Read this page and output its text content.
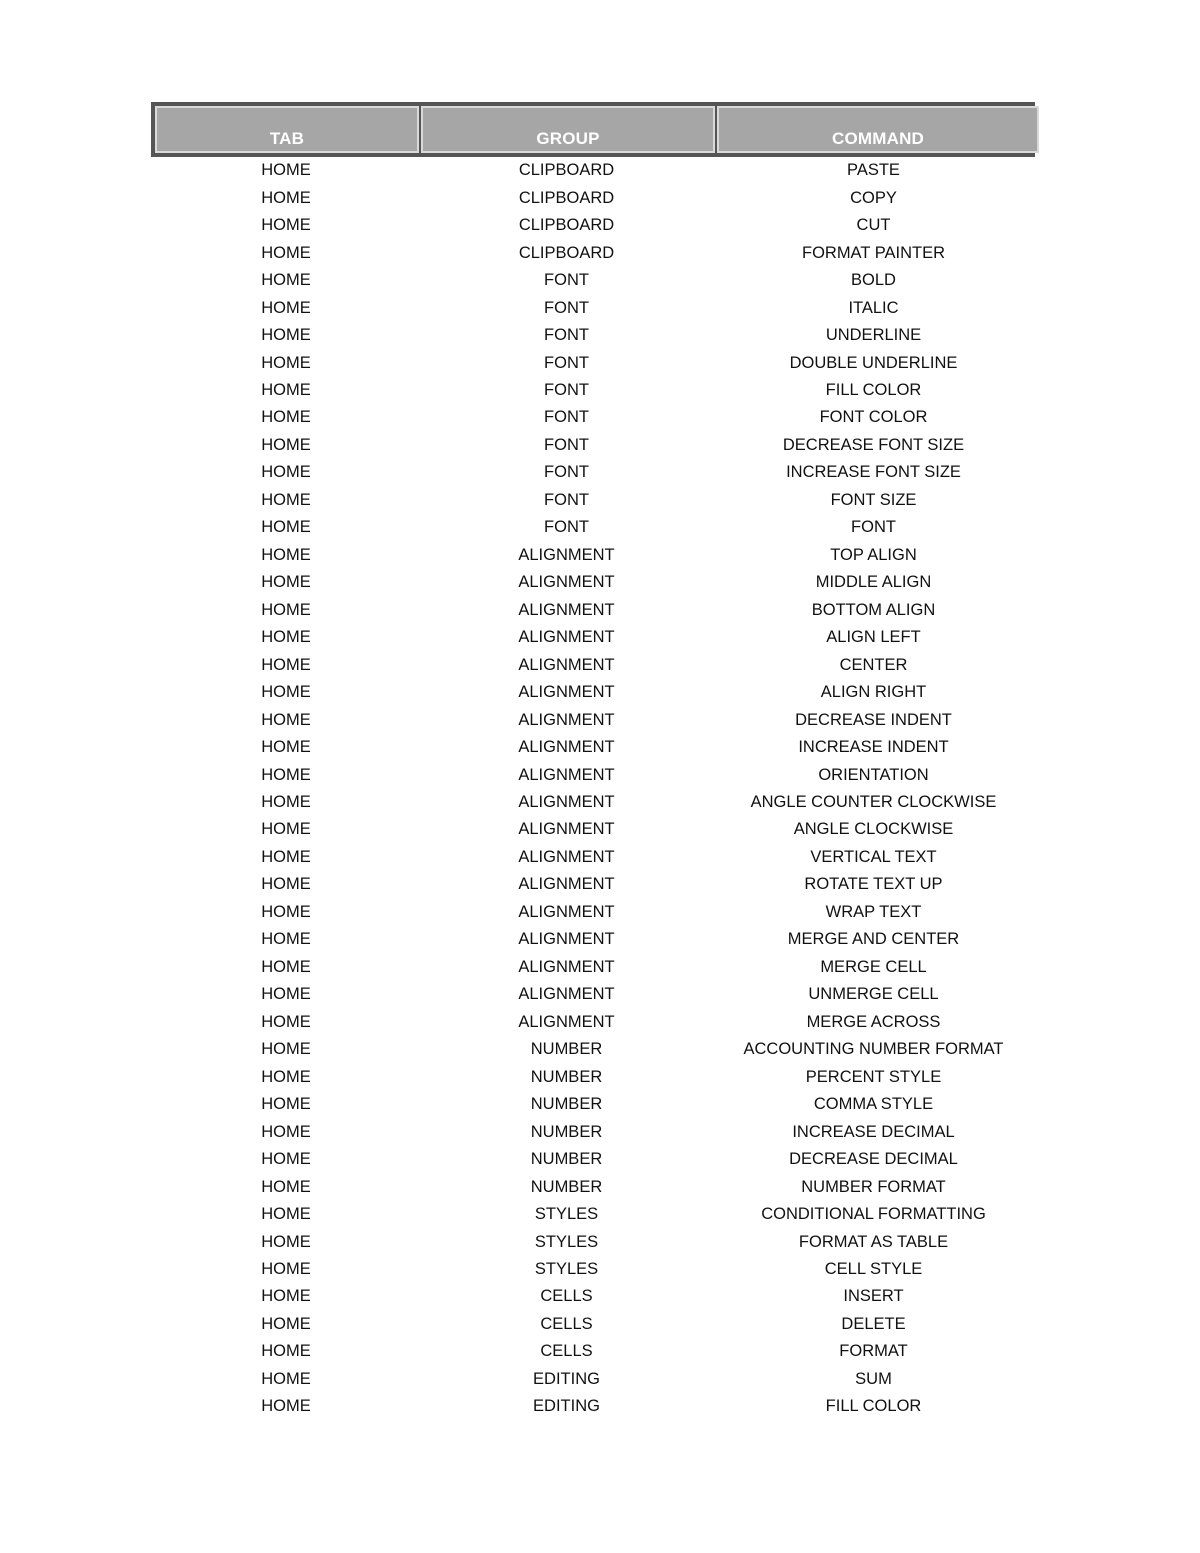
TAB	GROUP	COMMAND
HOME	CLIPBOARD	PASTE
HOME	CLIPBOARD	COPY
HOME	CLIPBOARD	CUT
HOME	CLIPBOARD	FORMAT PAINTER
HOME	FONT	BOLD
HOME	FONT	ITALIC
HOME	FONT	UNDERLINE
HOME	FONT	DOUBLE UNDERLINE
HOME	FONT	FILL COLOR
HOME	FONT	FONT COLOR
HOME	FONT	DECREASE FONT SIZE
HOME	FONT	INCREASE FONT SIZE
HOME	FONT	FONT SIZE
HOME	FONT	FONT
HOME	ALIGNMENT	TOP ALIGN
HOME	ALIGNMENT	MIDDLE ALIGN
HOME	ALIGNMENT	BOTTOM ALIGN
HOME	ALIGNMENT	ALIGN LEFT
HOME	ALIGNMENT	CENTER
HOME	ALIGNMENT	ALIGN RIGHT
HOME	ALIGNMENT	DECREASE INDENT
HOME	ALIGNMENT	INCREASE INDENT
HOME	ALIGNMENT	ORIENTATION
HOME	ALIGNMENT	ANGLE COUNTER CLOCKWISE
HOME	ALIGNMENT	ANGLE CLOCKWISE
HOME	ALIGNMENT	VERTICAL TEXT
HOME	ALIGNMENT	ROTATE TEXT UP
HOME	ALIGNMENT	WRAP TEXT
HOME	ALIGNMENT	MERGE AND CENTER
HOME	ALIGNMENT	MERGE CELL
HOME	ALIGNMENT	UNMERGE CELL
HOME	ALIGNMENT	MERGE ACROSS
HOME	NUMBER	ACCOUNTING NUMBER FORMAT
HOME	NUMBER	PERCENT STYLE
HOME	NUMBER	COMMA STYLE
HOME	NUMBER	INCREASE DECIMAL
HOME	NUMBER	DECREASE DECIMAL
HOME	NUMBER	NUMBER FORMAT
HOME	STYLES	CONDITIONAL FORMATTING
HOME	STYLES	FORMAT AS TABLE
HOME	STYLES	CELL STYLE
HOME	CELLS	INSERT
HOME	CELLS	DELETE
HOME	CELLS	FORMAT
HOME	EDITING	SUM
HOME	EDITING	FILL COLOR
